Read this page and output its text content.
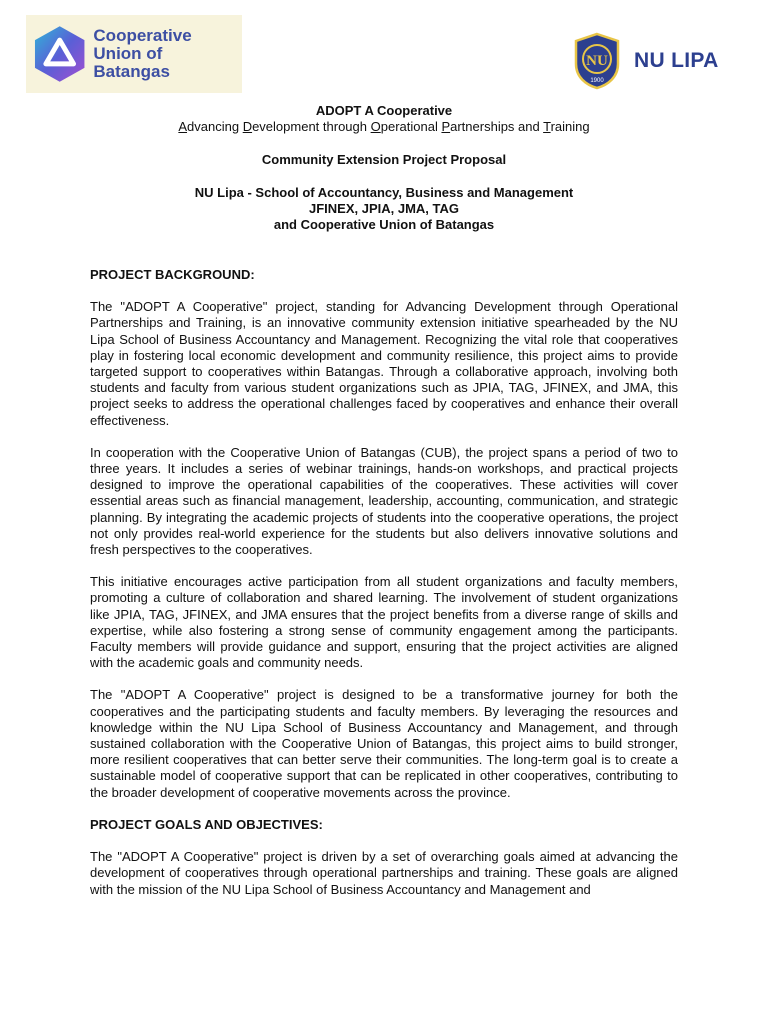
Cooperative
Union of Batangas
NU
1900
NU LIPA
ADOPT A Cooperative
Advancing Development through Operational Partnerships and Training
Community Extension Project Proposal
NU Lipa - School of Accountancy, Business and Management
JFINEX, JPIA, JMA, TAG
and Cooperative Union of Batangas
PROJECT BACKGROUND:

The "ADOPT A Cooperative" project, standing for Advancing Development through Operational Partnerships and Training, is an innovative community extension initiative spearheaded by the NU Lipa School of Business Accountancy and Management. Recognizing the vital role that cooperatives play in fostering local economic development and community resilience, this project aims to provide targeted support to cooperatives within Batangas. Through a collaborative approach, involving both students and faculty from various student organizations such as JPIA, TAG, JFINEX, and JMA, this project seeks to address the operational challenges faced by cooperatives and enhance their overall effectiveness.

In cooperation with the Cooperative Union of Batangas (CUB), the project spans a period of two to three years. It includes a series of webinar trainings, hands-on workshops, and practical projects designed to improve the operational capabilities of the cooperatives. These activities will cover essential areas such as financial management, leadership, accounting, communication, and strategic planning. By integrating the academic projects of students into the cooperative operations, the project not only provides real-world experience for the students but also delivers innovative solutions and fresh perspectives to the cooperatives.

This initiative encourages active participation from all student organizations and faculty members, promoting a culture of collaboration and shared learning. The involvement of student organizations like JPIA, TAG, JFINEX, and JMA ensures that the project benefits from a diverse range of skills and expertise, while also fostering a strong sense of community engagement among the participants. Faculty members will provide guidance and support, ensuring that the project activities are aligned with the academic goals and community needs.

The "ADOPT A Cooperative" project is designed to be a transformative journey for both the cooperatives and the participating students and faculty members. By leveraging the resources and knowledge within the NU Lipa School of Business Accountancy and Management, and through sustained collaboration with the Cooperative Union of Batangas, this project aims to build stronger, more resilient cooperatives that can better serve their communities. The long-term goal is to create a sustainable model of cooperative support that can be replicated in other cooperatives, contributing to the broader development of cooperative movements across the province.

PROJECT GOALS AND OBJECTIVES:

The "ADOPT A Cooperative" project is driven by a set of overarching goals aimed at advancing the development of cooperatives through operational partnerships and training. These goals are aligned with the mission of the NU Lipa School of Business Accountancy and Management and
